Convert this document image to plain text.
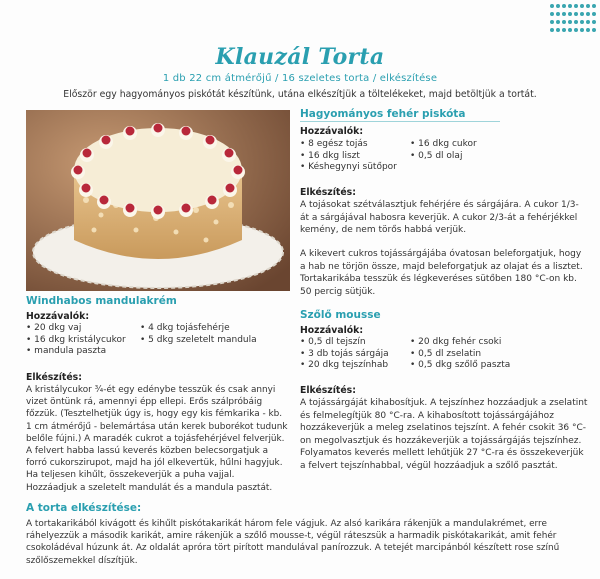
Klauzál Torta
1 db 22 cm átmérőjű / 16 szeletes torta / elkészítése
Először egy hagyományos piskótát készítünk, utána elkészítjük a töltelékeket, majd betöltjük a tortát.
Hagyományos fehér piskóta
Hozzávalók:
• 8 egész tojás
• 16 dkg liszt
• Késhegynyi sütőpor
• 16 dkg cukor
• 0,5 dl olaj
Elkészítés:
A tojásokat szétválasztjuk fehérjére és sárgájára. A cukor 1/3-át a sárgájával habosra keverjük. A cukor 2/3-át a fehérjékkel kemény, de nem törős habbá verjük.
A kikevert cukros tojássárgájába óvatosan beleforgatjuk, hogy a hab ne törjön össze, majd beleforgatjuk az olajat és a lisztet. Tortakarikába tesszük és légkeveréses sütőben 180 °C-on kb. 50 percig sütjük.
Szőlő mousse
Hozzávalók:
• 0,5 dl tejszín
• 3 db tojás sárgája
• 20 dkg tejszínhab
• 20 dkg fehér csoki
• 0,5 dl zselatin
• 0,5 dkg szőlő paszta
Elkészítés:
A tojássárgáját kihabosítjuk. A tejszínhez hozzáadjuk a zselatint és felmelegítjük 80 °C-ra. A kihabosított tojássárgájához hozzákeverjük a meleg zselatinos tejszínt. A fehér csokit 36 °C-on megolvasztjuk és hozzákeverjük a tojássárgájás tejszínhez. Folyamatos keverés mellett lehűtjük 27 °C-ra és összekeverjük a felvert tejszínhabbal, végül hozzáadjuk a szőlő pasztát.
Windhabos mandulakrém
Hozzávalók:
• 20 dkg vaj
• 16 dkg kristálycukor
• mandula paszta
• 4 dkg tojásfehérje
• 5 dkg szeletelt mandula
Elkészítés:
A kristálycukor ¾-ét egy edénybe tesszük és csak annyi vizet öntünk rá, amennyi épp ellepi. Erős szálpróbáig főzzük. (Tesztelhetjük úgy is, hogy egy kis fémkarika - kb. 1 cm átmérőjű - belemártása után kerek buborékot tudunk belőle fújni.) A maradék cukrot a tojásfehérjével felverjük. A felvert habba lassú keverés közben belecsorgatjuk a forró cukorszirupot, majd ha jól elkevertük, hűlni hagyjuk. Ha teljesen kihűlt, összekeverjük a puha vajjal. Hozzáadjuk a szeletelt mandulát és a mandula pasztát.
A torta elkészítése:
A tortakarikából kivágott és kihűlt piskótakarikát három fele vágjuk. Az alsó karikára rákenjük a mandulakrémet, erre ráhelyezzük a második karikát, amire rákenjük a szőlő mousse-t, végül ráteszsük a harmadik piskótakarikát, amit fehér csokoládéval húzunk át. Az oldalát apróra tört pirított mandulával panírozzuk. A tetejét marcipánból készített rose színű szőlőszemekkel díszítjük.
